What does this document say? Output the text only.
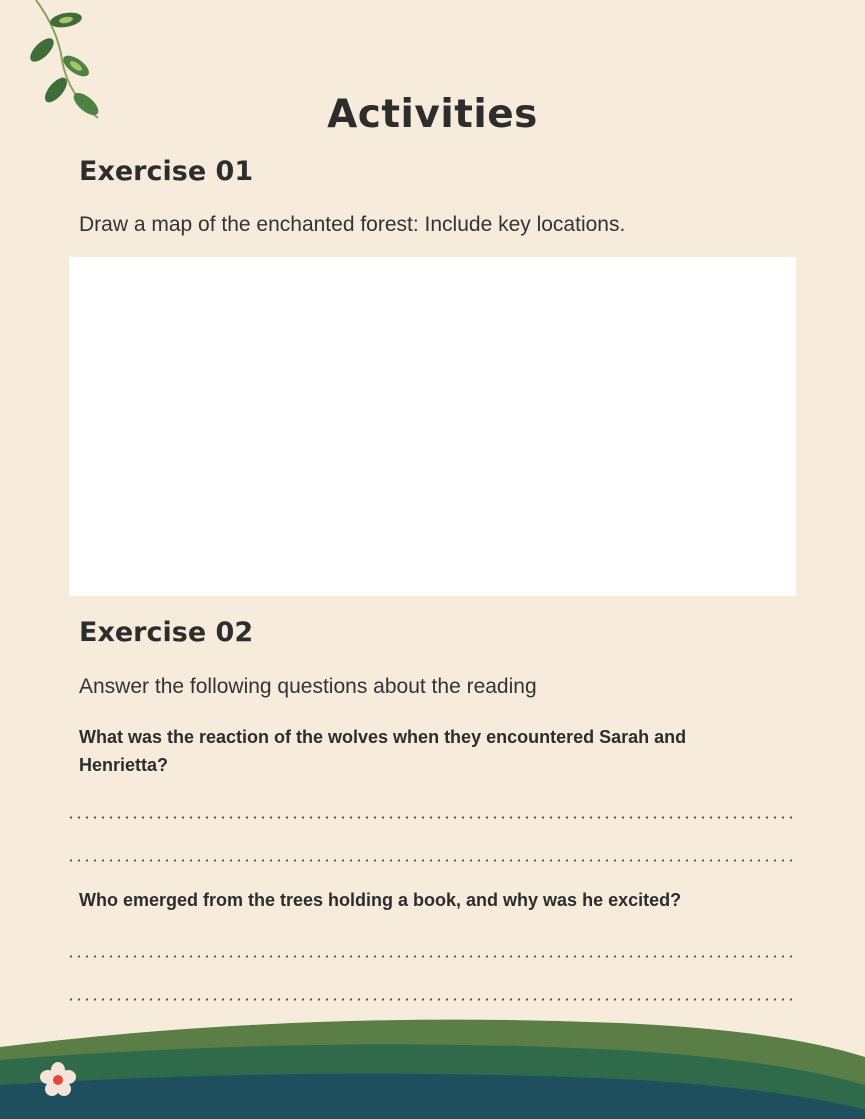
Activities
Exercise 01
Draw a map of the enchanted forest: Include key locations.
Exercise 02
Answer the following questions about the reading
What was the reaction of the wolves when they encountered Sarah and Henrietta?
Who emerged from the trees holding a book, and why was he excited?
